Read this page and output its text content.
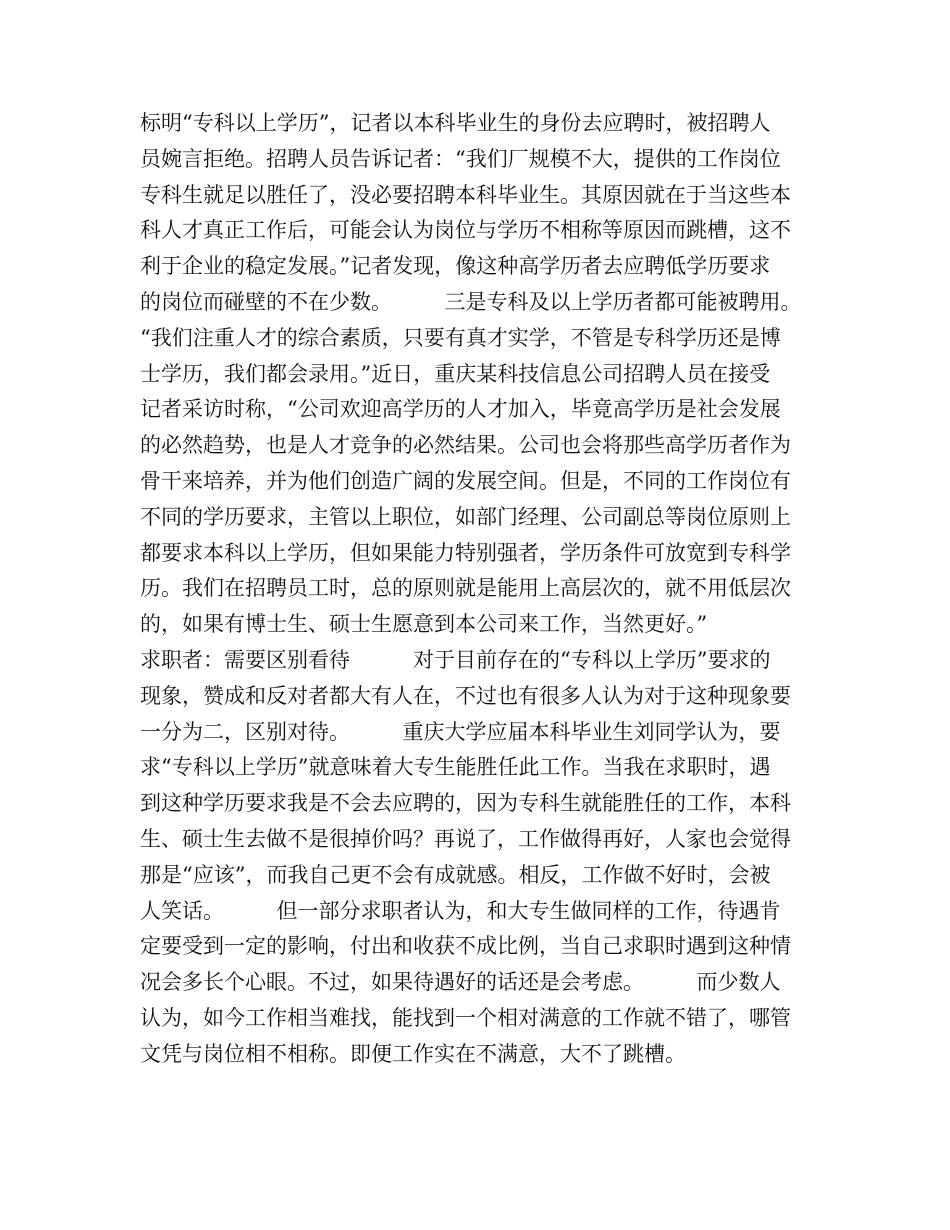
标明“专科以上学历”，记者以本科毕业生的身份去应聘时，被招聘人
员婉言拒绝。招聘人员告诉记者：“我们厂规模不大，提供的工作岗位
专科生就足以胜任了，没必要招聘本科毕业生。其原因就在于当这些本
科人才真正工作后，可能会认为岗位与学历不相称等原因而跳槽，这不
利于企业的稳定发展。”记者发现，像这种高学历者去应聘低学历要求
的岗位而碰壁的不在少数。　　　三是专科及以上学历者都可能被聘用。
“我们注重人才的综合素质，只要有真才实学，不管是专科学历还是博
士学历，我们都会录用。”近日，重庆某科技信息公司招聘人员在接受
记者采访时称，“公司欢迎高学历的人才加入，毕竟高学历是社会发展
的必然趋势，也是人才竞争的必然结果。公司也会将那些高学历者作为
骨干来培养，并为他们创造广阔的发展空间。但是，不同的工作岗位有
不同的学历要求，主管以上职位，如部门经理、公司副总等岗位原则上
都要求本科以上学历，但如果能力特别强者，学历条件可放宽到专科学
历。我们在招聘员工时，总的原则就是能用上高层次的，就不用低层次
的，如果有博士生、硕士生愿意到本公司来工作，当然更好。”
求职者：需要区别看待　　　对于目前存在的“专科以上学历”要求的
现象，赞成和反对者都大有人在，不过也有很多人认为对于这种现象要
一分为二，区别对待。　　　重庆大学应届本科毕业生刘同学认为，要
求“专科以上学历”就意味着大专生能胜任此工作。当我在求职时，遇
到这种学历要求我是不会去应聘的，因为专科生就能胜任的工作，本科
生、硕士生去做不是很掉价吗？再说了，工作做得再好，人家也会觉得
那是“应该”，而我自己更不会有成就感。相反，工作做不好时，会被
人笑话。　　　但一部分求职者认为，和大专生做同样的工作，待遇肯
定要受到一定的影响，付出和收获不成比例，当自己求职时遇到这种情
况会多长个心眼。不过，如果待遇好的话还是会考虑。　　　而少数人
认为，如今工作相当难找，能找到一个相对满意的工作就不错了，哪管
文凭与岗位相不相称。即便工作实在不满意，大不了跳槽。
